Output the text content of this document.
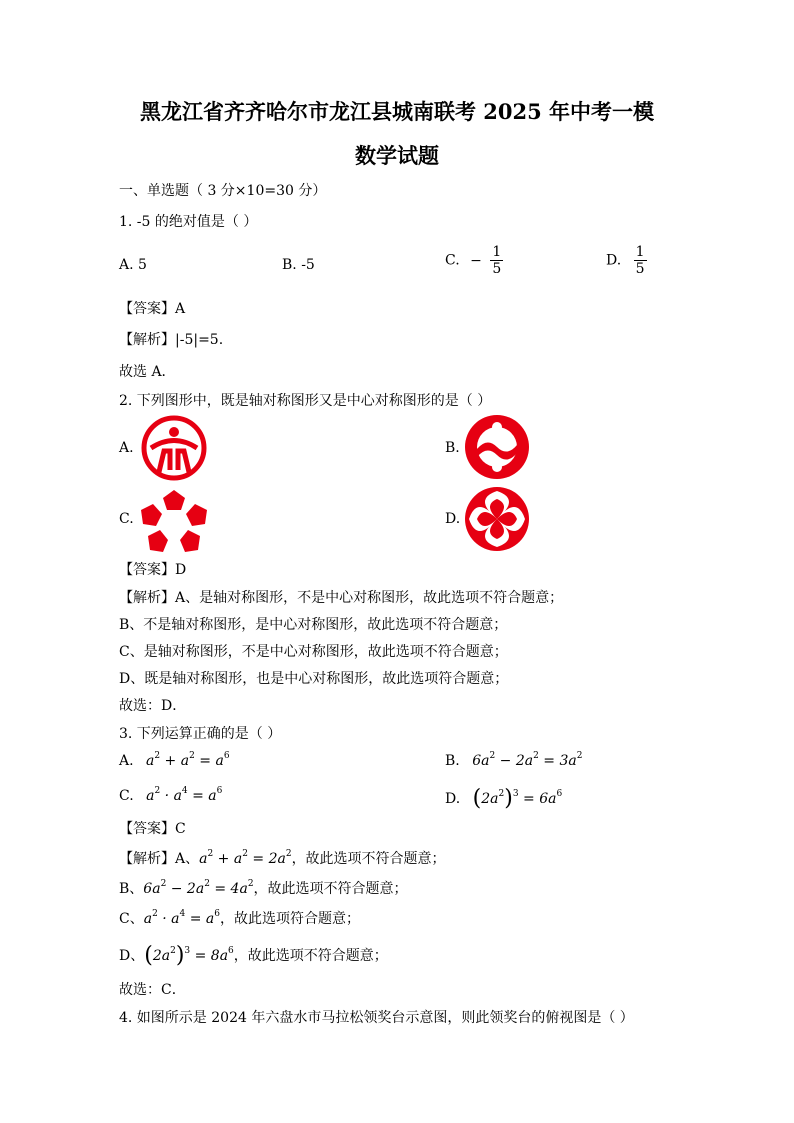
黑龙江省齐齐哈尔市龙江县城南联考 2025 年中考一模
数学试题
一、单选题（ 3 分×10=30 分）
1. -5 的绝对值是（ ）
A. 5	B. -5	C. − $\frac{1}{5}$	D. $\frac{1}{5}$
【答案】A
【解析】|-5|=5.
故选 A．
2. 下列图形中，既是轴对称图形又是中心对称图形的是（ ）
A.	B.
C.	D.
【答案】D
【解析】A、是轴对称图形，不是中心对称图形，故此选项不符合题意；
B、不是轴对称图形，是中心对称图形，故此选项不符合题意；
C、是轴对称图形，不是中心对称图形，故此选项不符合题意；
D、既是轴对称图形，也是中心对称图形，故此选项符合题意；
故选：D．
3. 下列运算正确的是（ ）
A. $a^2 + a^2 = a^6$	B. $6a^2 - 2a^2 = 3a^2$
C. $a^2 \cdot a^4 = a^6$	D. $(2a^2)^3 = 6a^6$
【答案】C
【解析】A、$a^2 + a^2 = 2a^2$，故此选项不符合题意；
B、$6a^2 - 2a^2 = 4a^2$，故此选项不符合题意；
C、$a^2 \cdot a^4 = a^6$，故此选项符合题意；
D、$(2a^2)^3 = 8a^6$，故此选项不符合题意；
故选：C．
4. 如图所示是 2024 年六盘水市马拉松领奖台示意图，则此领奖台的俯视图是（ ）
